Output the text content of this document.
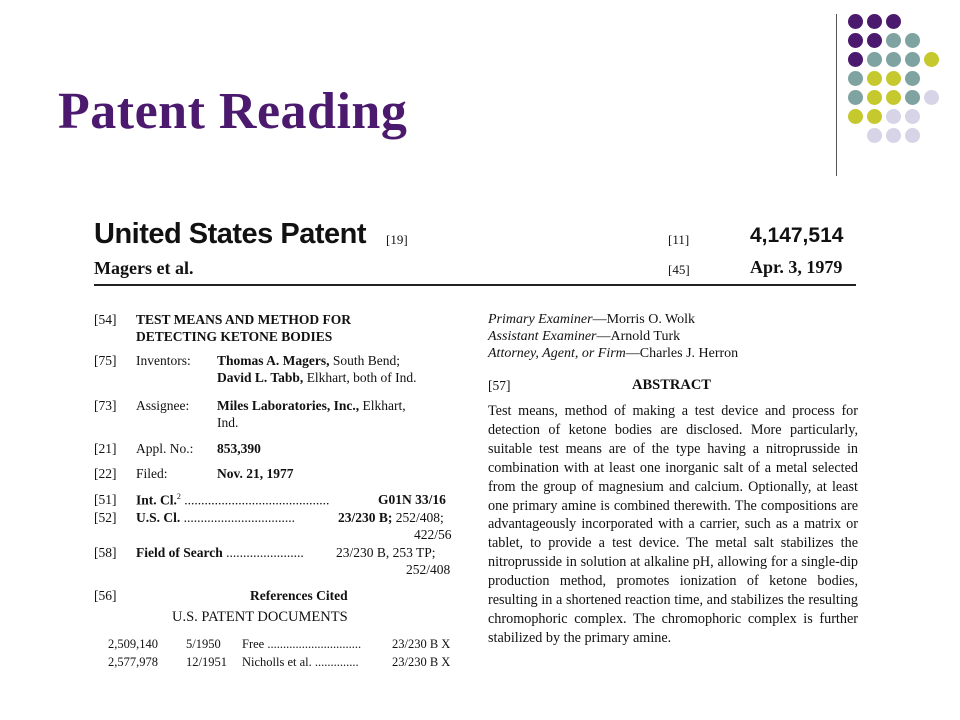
Patent Reading
United States Patent [19]
Magers et al.
[11]	4,147,514
[45]	Apr. 3, 1979
[54] TEST MEANS AND METHOD FOR
DETECTING KETONE BODIES
[75] Inventors: Thomas A. Magers, South Bend;
David L. Tabb, Elkhart, both of Ind.
[73] Assignee: Miles Laboratories, Inc., Elkhart,
Ind.
[21] Appl. No.: 853,390
[22] Filed:	Nov. 21, 1977
[51] Int. Cl.$^2$ ...........................................	G01N 33/16
[52] U.S. Cl. .................................	23/230 B; 252/408;
422/56
[58] Field of Search ....................... 23/230 B, 253 TP;
252/408
[56]	References Cited
U.S. PATENT DOCUMENTS
2,509,140 5/1950 Free .............................. 23/230 B X
2,577,978 12/1951 Nicholls et al. ..............	23/230 B X
Primary Examiner—Morris O. Wolk
Assistant Examiner—Arnold Turk
Attorney, Agent, or Firm—Charles J. Herron
[57]	ABSTRACT
Test means, method of making a test device and process for detection of ketone bodies are disclosed. More particularly, suitable test means are of the type having a nitroprusside in combination with at least one inorganic salt of a metal selected from the group of magnesium and calcium. Optionally, at least one primary amine is combined therewith. The compositions are advantageously incorporated with a carrier, such as a matrix or tablet, to provide a test device. The metal salt stabilizes the nitroprusside in solution at alkaline pH, allowing for a single-dip production method, promotes ionization of ketone bodies, resulting in a shortened reaction time, and stabilizes the resulting chromophoric complex. The chromophoric complex is further stabilized by the primary amine.
